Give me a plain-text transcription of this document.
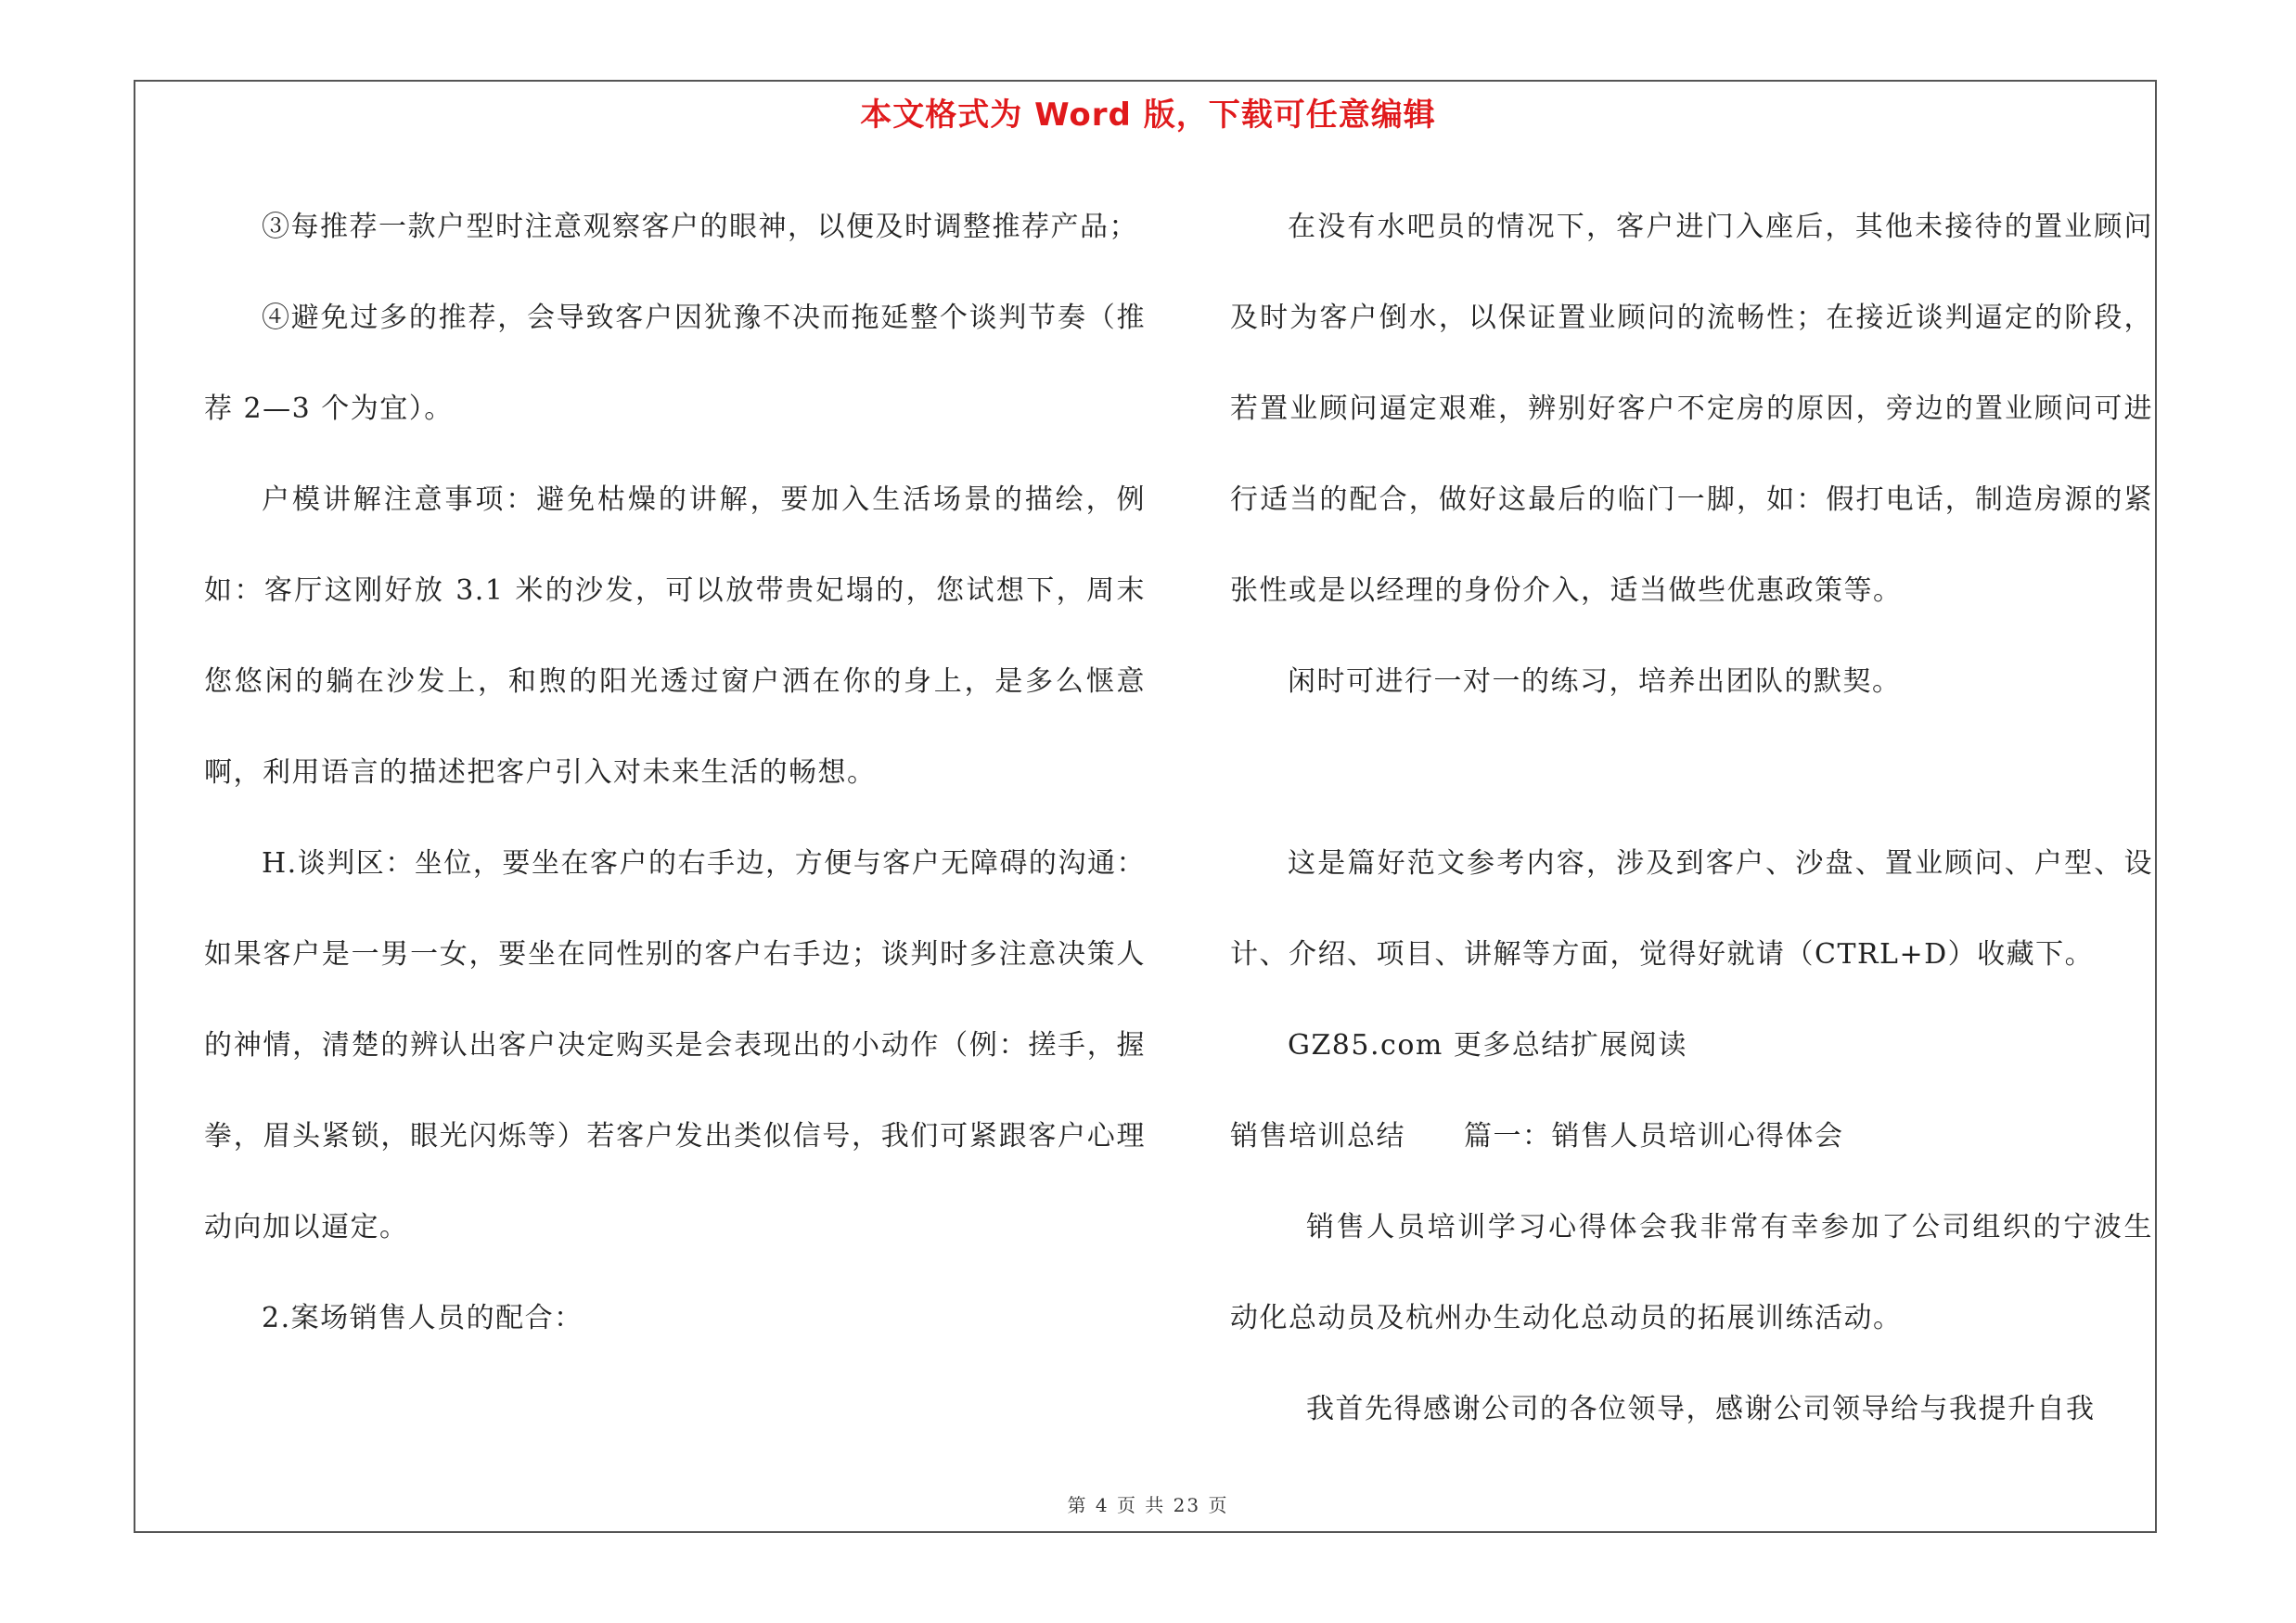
本文格式为 Word 版，下载可任意编辑

③每推荐一款户型时注意观察客户的眼神，以便及时调整推荐产品；

④避免过多的推荐，会导致客户因犹豫不决而拖延整个谈判节奏（推荐 2—3 个为宜）。

户模讲解注意事项：避免枯燥的讲解，要加入生活场景的描绘，例如：客厅这刚好放 3.1 米的沙发，可以放带贵妃塌的，您试想下，周末您悠闲的躺在沙发上，和煦的阳光透过窗户洒在你的身上，是多么惬意啊，利用语言的描述把客户引入对未来生活的畅想。

H.谈判区：坐位，要坐在客户的右手边，方便与客户无障碍的沟通：如果客户是一男一女，要坐在同性别的客户右手边；谈判时多注意决策人的神情，清楚的辨认出客户决定购买是会表现出的小动作（例：搓手，握拳，眉头紧锁，眼光闪烁等）若客户发出类似信号，我们可紧跟客户心理动向加以逼定。

2.案场销售人员的配合：

在没有水吧员的情况下，客户进门入座后，其他未接待的置业顾问及时为客户倒水，以保证置业顾问的流畅性；在接近谈判逼定的阶段，若置业顾问逼定艰难，辨别好客户不定房的原因，旁边的置业顾问可进行适当的配合，做好这最后的临门一脚，如：假打电话，制造房源的紧张性或是以经理的身份介入，适当做些优惠政策等。

闲时可进行一对一的练习，培养出团队的默契。

这是篇好范文参考内容，涉及到客户、沙盘、置业顾问、户型、设计、介绍、项目、讲解等方面，觉得好就请（CTRL+D）收藏下。

GZ85.com 更多总结扩展阅读

销售培训总结　　篇一：销售人员培训心得体会

销售人员培训学习心得体会我非常有幸参加了公司组织的宁波生动化总动员及杭州办生动化总动员的拓展训练活动。

我首先得感谢公司的各位领导，感谢公司领导给与我提升自我

第 4 页 共 23 页
